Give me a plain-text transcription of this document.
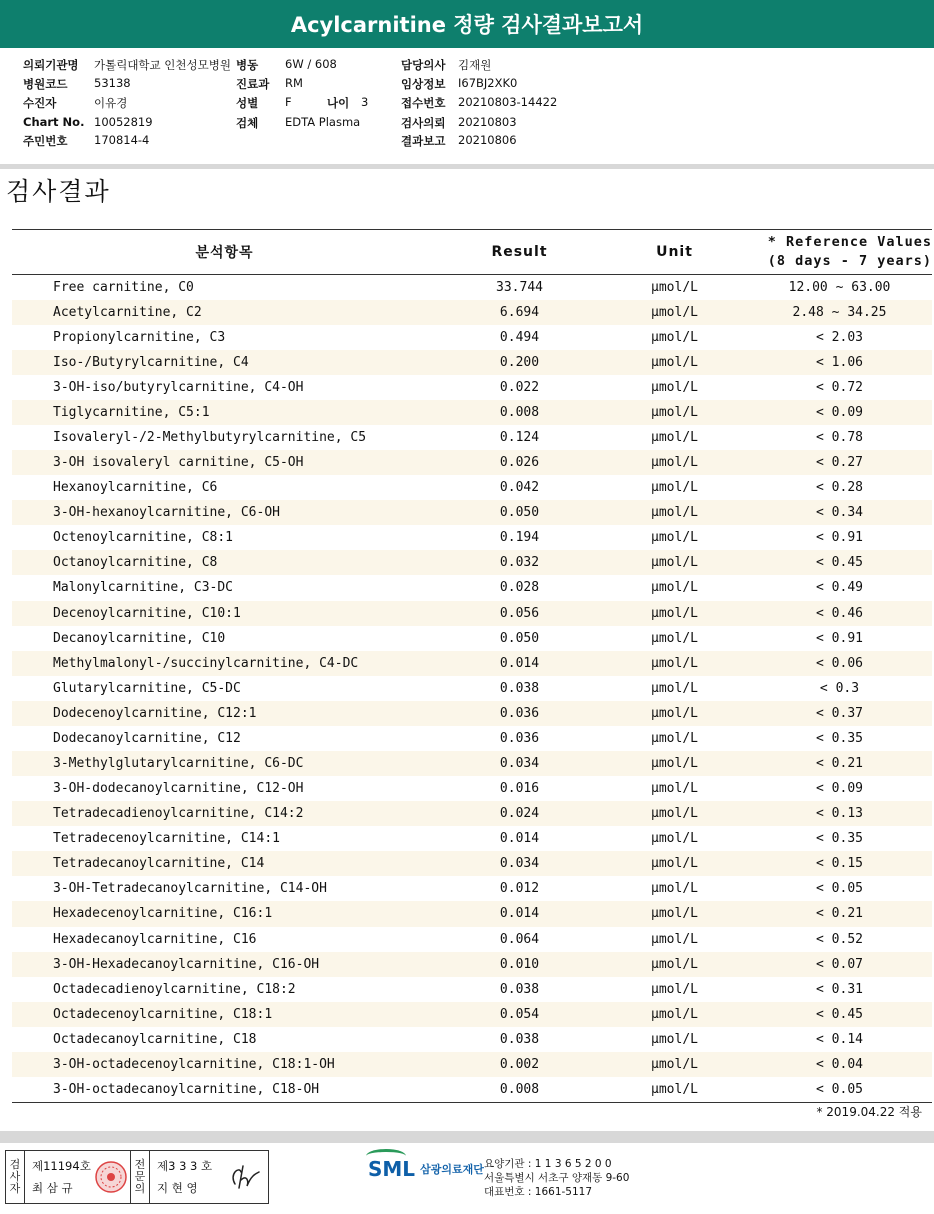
Acylcarnitine 정량 검사결과보고서
의뢰기관명 가톨릭대학교 인천성모병원
병원코드 53138
수진자	이유경
Chart No. 10052819
주민번호 170814-4
병동 6W / 608
진료과 RM
성별 F	나이 3
검체 EDTA Plasma
담당의사 김재원
임상정보 I67BJ2XK0
접수번호 20210803-14422
검사의뢰 20210803
결과보고 20210806
검사결과
분석항목	Result	Unit	* Reference Values
(8 days - 7 years)

Free carnitine, C0	33.744	μmol/L	12.00 ~ 63.00
Acetylcarnitine, C2	6.694	μmol/L	2.48 ~ 34.25
Propionylcarnitine, C3	0.494	μmol/L	< 2.03
Iso-/Butyrylcarnitine, C4	0.200	μmol/L	< 1.06
3-OH-iso/butyrylcarnitine, C4-OH	0.022	μmol/L	< 0.72
Tiglycarnitine, C5:1	0.008	μmol/L	< 0.09
Isovaleryl-/2-Methylbutyrylcarnitine, C5	0.124	μmol/L	< 0.78
3-OH isovaleryl carnitine, C5-OH	0.026	μmol/L	< 0.27
Hexanoylcarnitine, C6	0.042	μmol/L	< 0.28
3-OH-hexanoylcarnitine, C6-OH	0.050	μmol/L	< 0.34
Octenoylcarnitine, C8:1	0.194	μmol/L	< 0.91
Octanoylcarnitine, C8	0.032	μmol/L	< 0.45
Malonylcarnitine, C3-DC	0.028	μmol/L	< 0.49
Decenoylcarnitine, C10:1	0.056	μmol/L	< 0.46
Decanoylcarnitine, C10	0.050	μmol/L	< 0.91
Methylmalonyl-/succinylcarnitine, C4-DC	0.014	μmol/L	< 0.06
Glutarylcarnitine, C5-DC	0.038	μmol/L	< 0.3
Dodecenoylcarnitine, C12:1	0.036	μmol/L	< 0.37
Dodecanoylcarnitine, C12	0.036	μmol/L	< 0.35
3-Methylglutarylcarnitine, C6-DC	0.034	μmol/L	< 0.21
3-OH-dodecanoylcarnitine, C12-OH	0.016	μmol/L	< 0.09
Tetradecadienoylcarnitine, C14:2	0.024	μmol/L	< 0.13
Tetradecenoylcarnitine, C14:1	0.014	μmol/L	< 0.35
Tetradecanoylcarnitine, C14	0.034	μmol/L	< 0.15
3-OH-Tetradecanoylcarnitine, C14-OH	0.012	μmol/L	< 0.05
Hexadecenoylcarnitine, C16:1	0.014	μmol/L	< 0.21
Hexadecanoylcarnitine, C16	0.064	μmol/L	< 0.52
3-OH-Hexadecanoylcarnitine, C16-OH	0.010	μmol/L	< 0.07
Octadecadienoylcarnitine, C18:2	0.038	μmol/L	< 0.31
Octadecenoylcarnitine, C18:1	0.054	μmol/L	< 0.45
Octadecanoylcarnitine, C18	0.038	μmol/L	< 0.14
3-OH-octadecenoylcarnitine, C18:1-OH	0.002	μmol/L	< 0.04
3-OH-octadecanoylcarnitine, C18-OH	0.008	μmol/L	< 0.05
* 2019.04.22 적용
검
사
자
제11194호
최 삼 규
전
문
의
제3 3 3 호
지 현 영
SML 삼광의료재단 요양기관 : 1 1 3 6 5 2 0 0
서울특별시 서초구 양재동 9-60
대표번호 : 1661-5117
